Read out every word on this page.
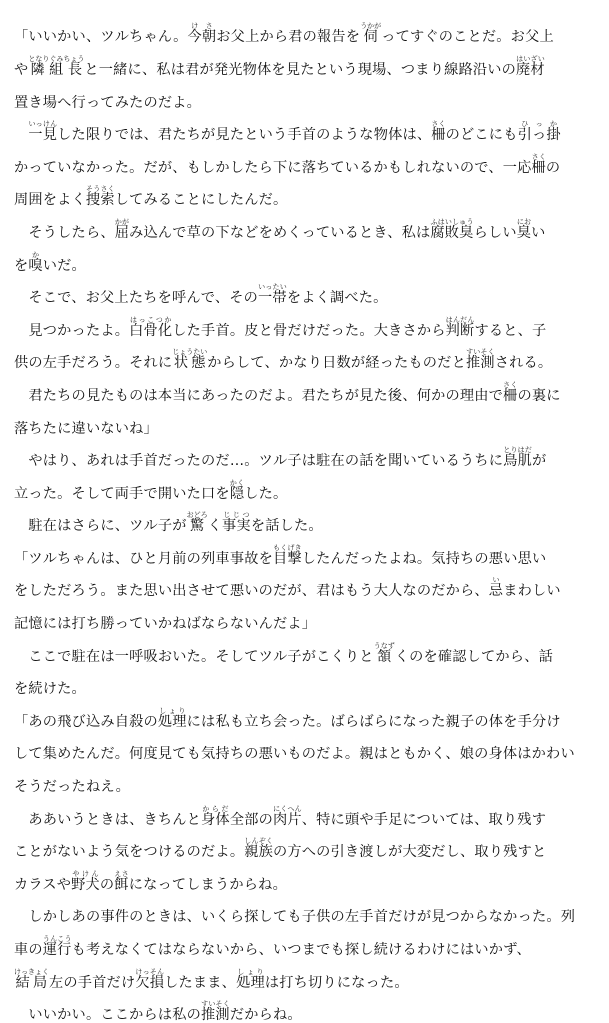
「いいかい、ツルちゃん。 今朝けさ
お父上から君の報告を 伺うかが
ってすぐのことだ。お父上
や 隣組長となりぐみちょう
と一緒に、私は君が発光物体を見たという現場、つまり線路沿いの 廃材はいざい
置き場へ行ってみたのだよ。

一見いっけん
した限りでは、君たちが見たという手首のような物体は、 柵さく
のどこにも 引っ掛ひっか
かっていなかった。だが、もしかしたら下に落ちているかもしれないので、一応 柵さく
の
周囲をよく 捜索そうさく
してみることにしたんだ。
　そうしたら、 屈かが
み込んで草の下などをめくっているとき、私は 腐敗臭ふはいしゅう
らしい 臭にお
い
を 嗅か
いだ。
　そこで、お父上たちを呼んで、その 一帯いったい
をよく調べた。
　見つかったよ。 白骨化はっこつか
した手首。皮と骨だけだった。大きさから 判断はんだん
すると、子
供の左手だろう。それに 状態じょうたい
からして、かなり日数が経ったものだと 推測すいそく
される。
　君たちの見たものは本当にあったのだよ。君たちが見た後、何かの理由で 柵さく
の裏に
落ちたに違いないね」
　やはり、あれは手首だったのだ…。ツル子は駐在の話を聞いているうちに 鳥肌とりはだ
が
立った。そして両手で開いた口を 隠かく
した。
　駐在はさらに、ツル子が 驚おどろ
く 事実じじつ
を話した。
「ツルちゃんは、ひと月前の列車事故を 目撃もくげき
したんだったよね。気持ちの悪い思い
をしただろう。また思い出させて悪いのだが、君はもう大人なのだから、 忌い
まわしい
記憶には打ち勝っていかねばならないんだよ」
　ここで駐在は一呼吸おいた。そしてツル子がこくりと 頷うなず
くのを確認してから、話
を続けた。
「あの飛び込み自殺の 処理しょり
には私も立ち会った。ばらばらになった親子の体を手分け
して集めたんだ。何度見ても気持ちの悪いものだよ。親はともかく、娘の身体はかわい
そうだったねえ。
　ああいうときは、きちんと 身体からだ
全部の 肉片にくへん
、特に頭や手足については、取り残す
ことがないよう気をつけるのだよ。 親族しんぞく
の方への引き渡しが大変だし、取り残すと
カラスや 野犬やけん
の 餌えさ
になってしまうからね。
　しかしあの事件のときは、いくら探しても子供の左手首だけが見つからなかった。列
車の 運行うんこう
も考えなくてはならないから、いつまでも探し続けるわけにはいかず、
結局けっきょく
左の手首だけ 欠損けっそん
したまま、 処理しょり
は打ち切りになった。
　いいかい。ここからは私の 推測すいそく
だからね。
